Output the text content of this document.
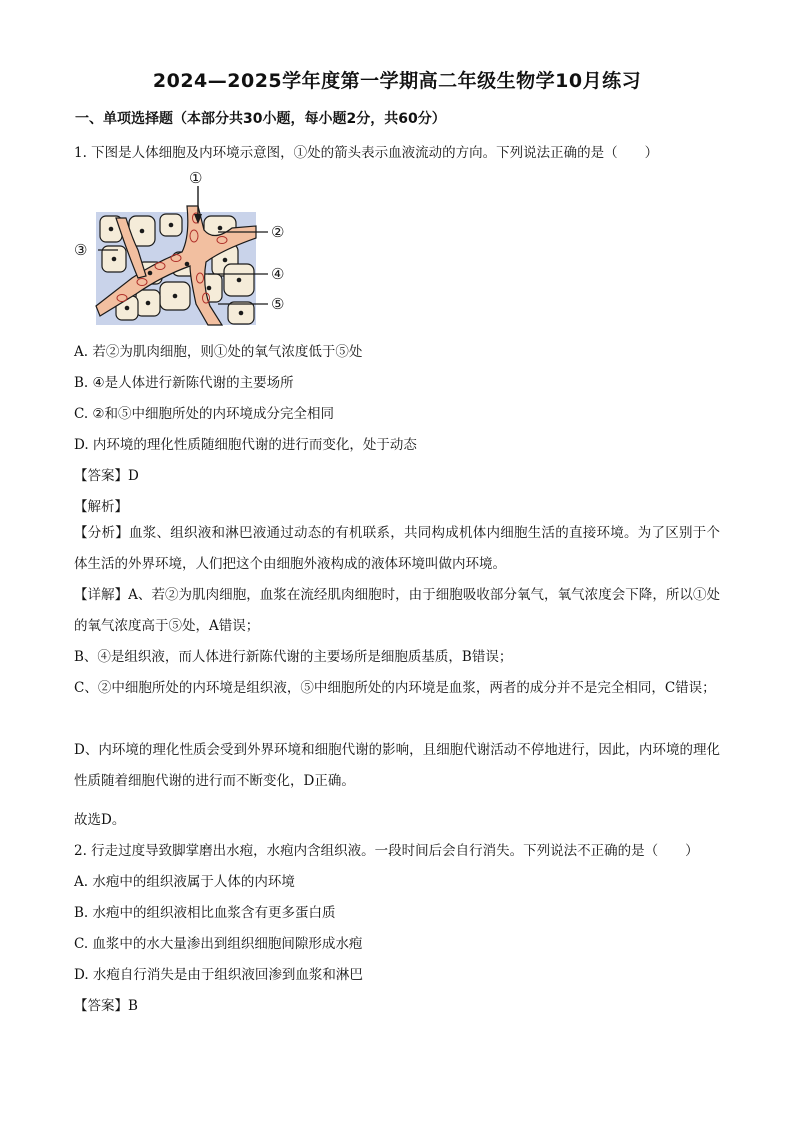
2024—2025学年度第一学期高二年级生物学10月练习
一、单项选择题（本部分共30小题，每小题2分，共60分）
1. 下图是人体细胞及内环境示意图，①处的箭头表示血液流动的方向。下列说法正确的是（　　）
①
②
③
④
⑤
A. 若②为肌肉细胞，则①处的氧气浓度低于⑤处
B. ④是人体进行新陈代谢的主要场所
C. ②和⑤中细胞所处的内环境成分完全相同
D. 内环境的理化性质随细胞代谢的进行而变化，处于动态
【答案】D
【解析】
【分析】血浆、组织液和淋巴液通过动态的有机联系，共同构成机体内细胞生活的直接环境。为了区别于个体生活的外界环境，人们把这个由细胞外液构成的液体环境叫做内环境。
【详解】A、若②为肌肉细胞，血浆在流经肌肉细胞时，由于细胞吸收部分氧气，氧气浓度会下降，所以①处的氧气浓度高于⑤处，A错误；
B、④是组织液，而人体进行新陈代谢的主要场所是细胞质基质，B错误；
C、②中细胞所处的内环境是组织液，⑤中细胞所处的内环境是血浆，两者的成分并不是完全相同，C错误；
D、内环境的理化性质会受到外界环境和细胞代谢的影响，且细胞代谢活动不停地进行，因此，内环境的理化性质随着细胞代谢的进行而不断变化，D正确。
故选D。
2. 行走过度导致脚掌磨出水疱，水疱内含组织液。一段时间后会自行消失。下列说法不正确的是（　　）
A. 水疱中的组织液属于人体的内环境
B. 水疱中的组织液相比血浆含有更多蛋白质
C. 血浆中的水大量渗出到组织细胞间隙形成水疱
D. 水疱自行消失是由于组织液回渗到血浆和淋巴
【答案】B
